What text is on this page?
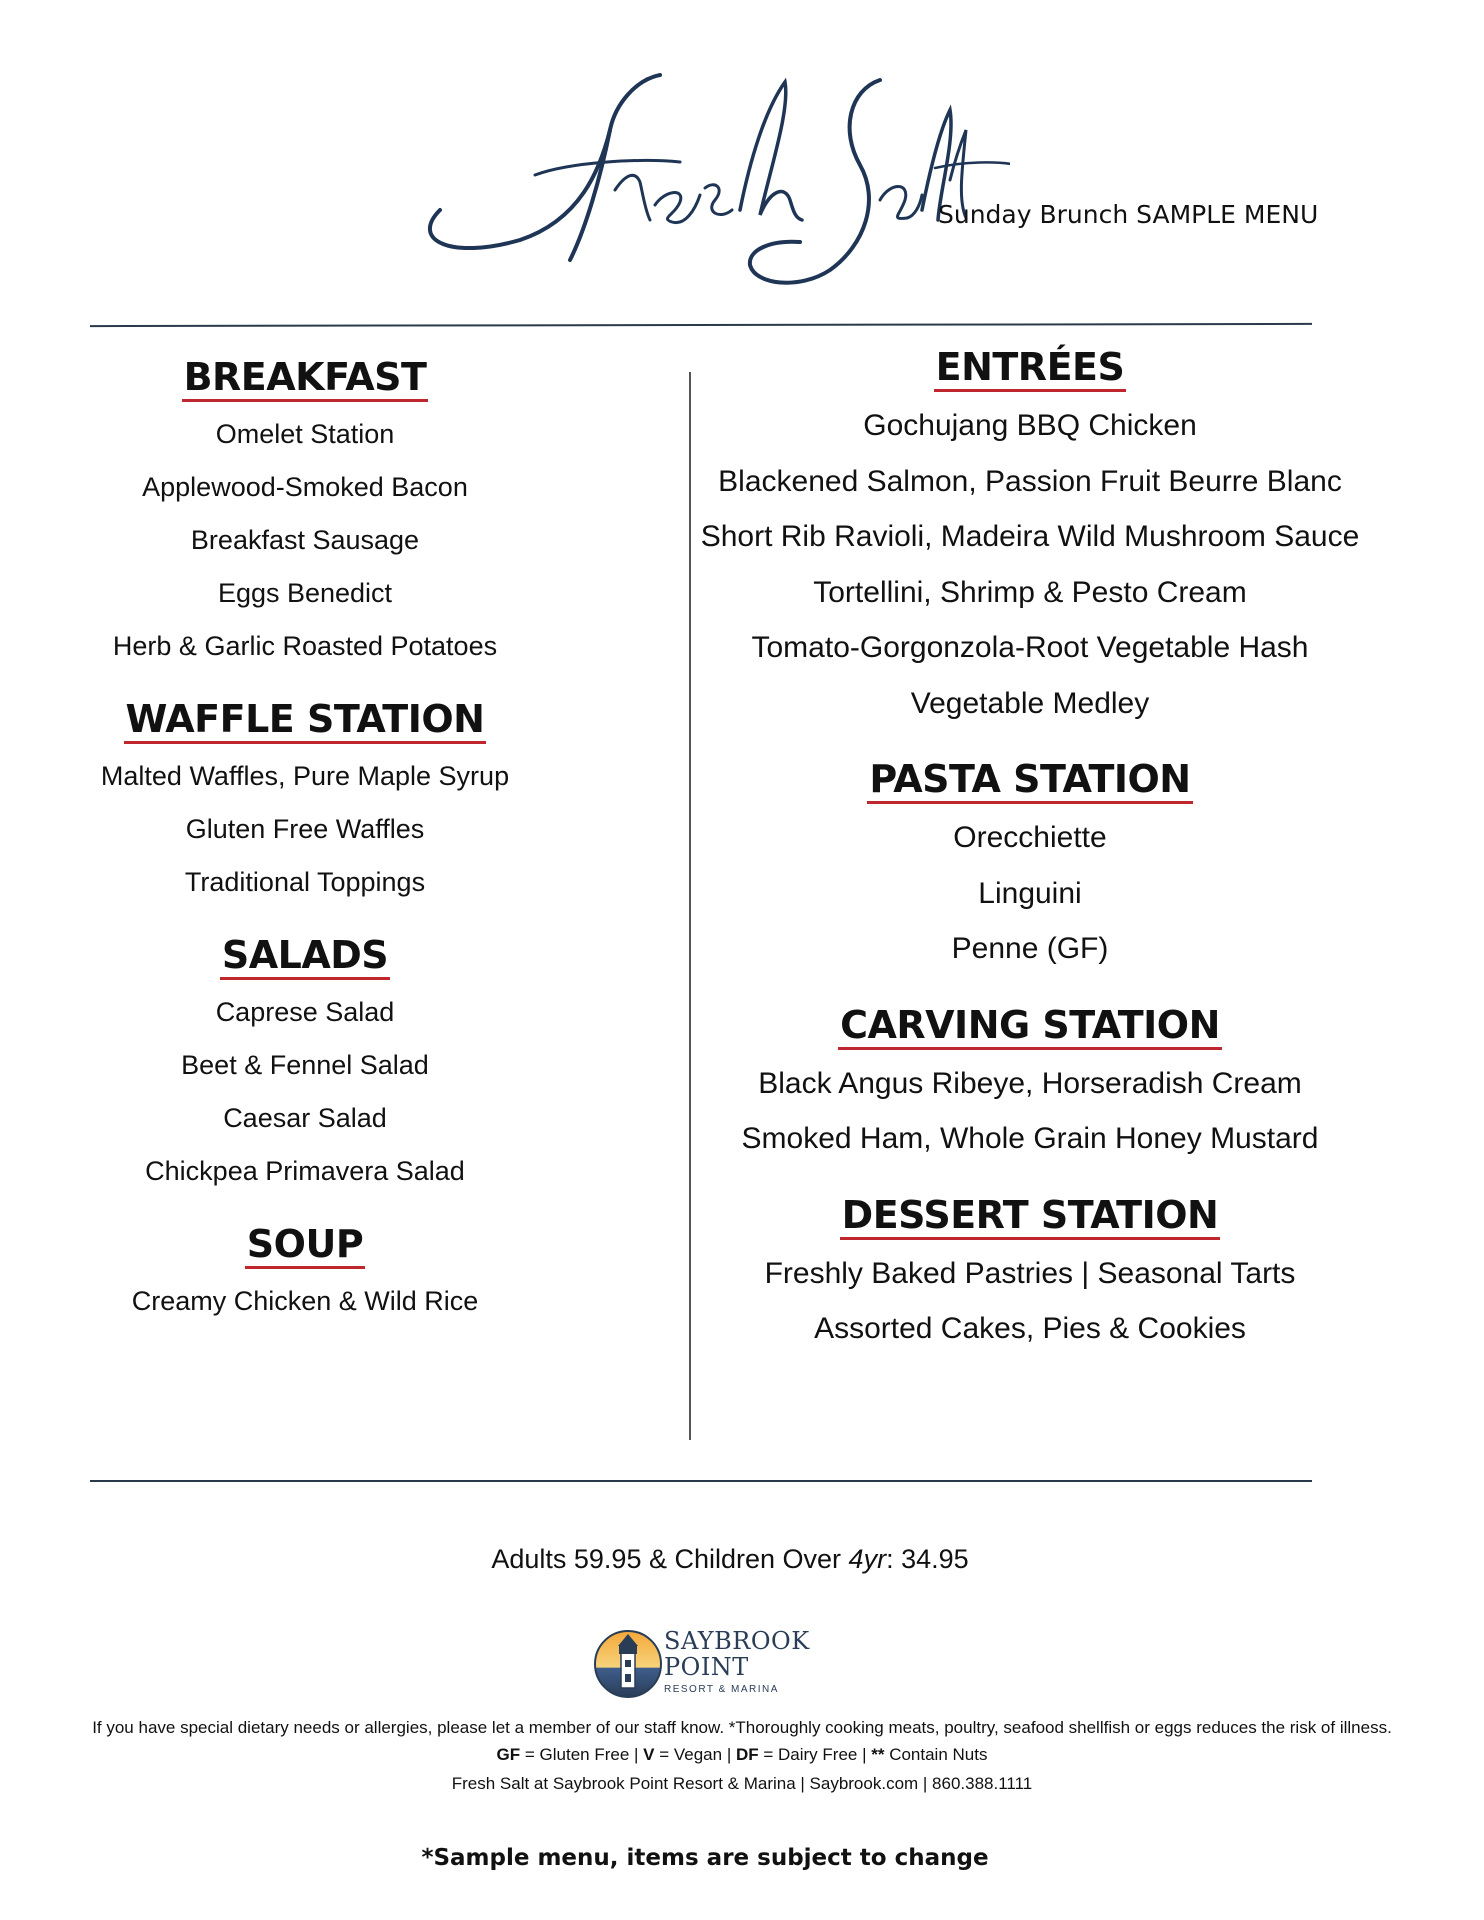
Sunday Brunch SAMPLE MENU
BREAKFAST
Omelet Station
Applewood-Smoked Bacon
Breakfast Sausage
Eggs Benedict
Herb & Garlic Roasted Potatoes
WAFFLE STATION
Malted Waffles, Pure Maple Syrup
Gluten Free Waffles
Traditional Toppings
SALADS
Caprese Salad
Beet & Fennel Salad
Caesar Salad
Chickpea Primavera Salad
SOUP
Creamy Chicken & Wild Rice
ENTRÉES
Gochujang BBQ Chicken
Blackened Salmon, Passion Fruit Beurre Blanc
Short Rib Ravioli, Madeira Wild Mushroom Sauce
Tortellini, Shrimp & Pesto Cream
Tomato-Gorgonzola-Root Vegetable Hash
Vegetable Medley
PASTA STATION
Orecchiette
Linguini
Penne (GF)
CARVING STATION
Black Angus Ribeye, Horseradish Cream
Smoked Ham, Whole Grain Honey Mustard
DESSERT STATION
Freshly Baked Pastries | Seasonal Tarts
Assorted Cakes, Pies & Cookies
Adults 59.95 & Children Over 4yr: 34.95
SAYBROOK
POINT
RESORT & MARINA
If you have special dietary needs or allergies, please let a member of our staff know. *Thoroughly cooking meats, poultry, seafood shellfish or eggs reduces the risk of illness.
GF = Gluten Free | V = Vegan | DF = Dairy Free | ** Contain Nuts
Fresh Salt at Saybrook Point Resort & Marina | Saybrook.com | 860.388.1111
*Sample menu, items are subject to change
